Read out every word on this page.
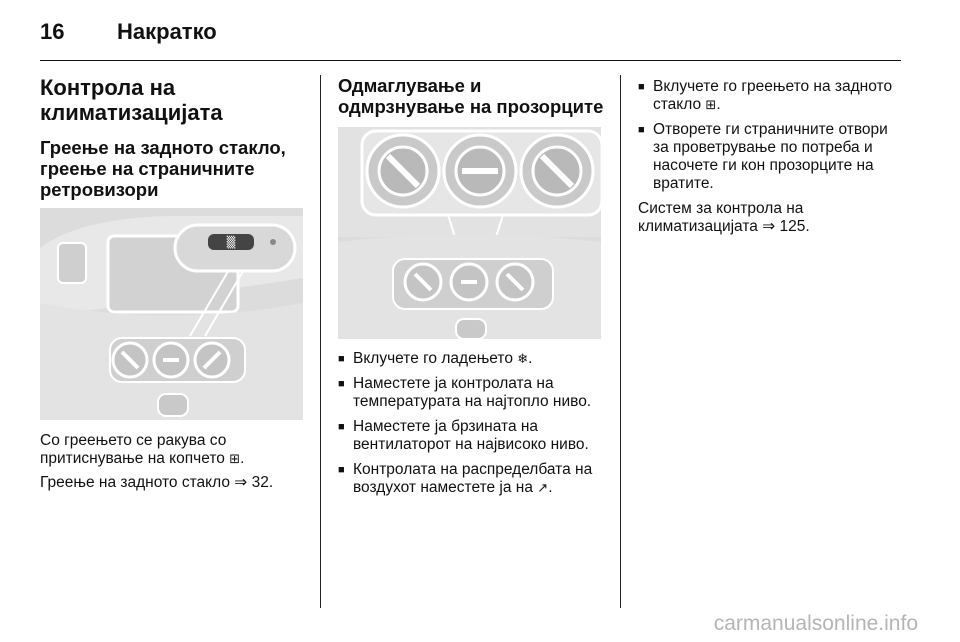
16 Накратко
Контрола на климатизацијата
Греење на задното стакло, греење на страничните ретровизори
▒

Со греењето се ракува со притиснување на копчето ⊞.

Греење на задното стакло ⇒ 32.

Одмаглување и одмрзнување на прозорците
■ Вклучете го ладењето ❄.
■ Наместете ја контролата на температурата на најтопло ниво.
■ Наместете ја брзината на вентилаторот на највисоко ниво.
■ Контролата на распределбата на воздухот наместете ја на ↗.
■ Вклучете го греењето на задното стакло ⊞.
■ Отворете ги страничните отвори за проветрување по потреба и насочете ги кон прозорците на вратите.

Систем за контрола на климатизацијата ⇒ 125.

carmanualsonline.info
